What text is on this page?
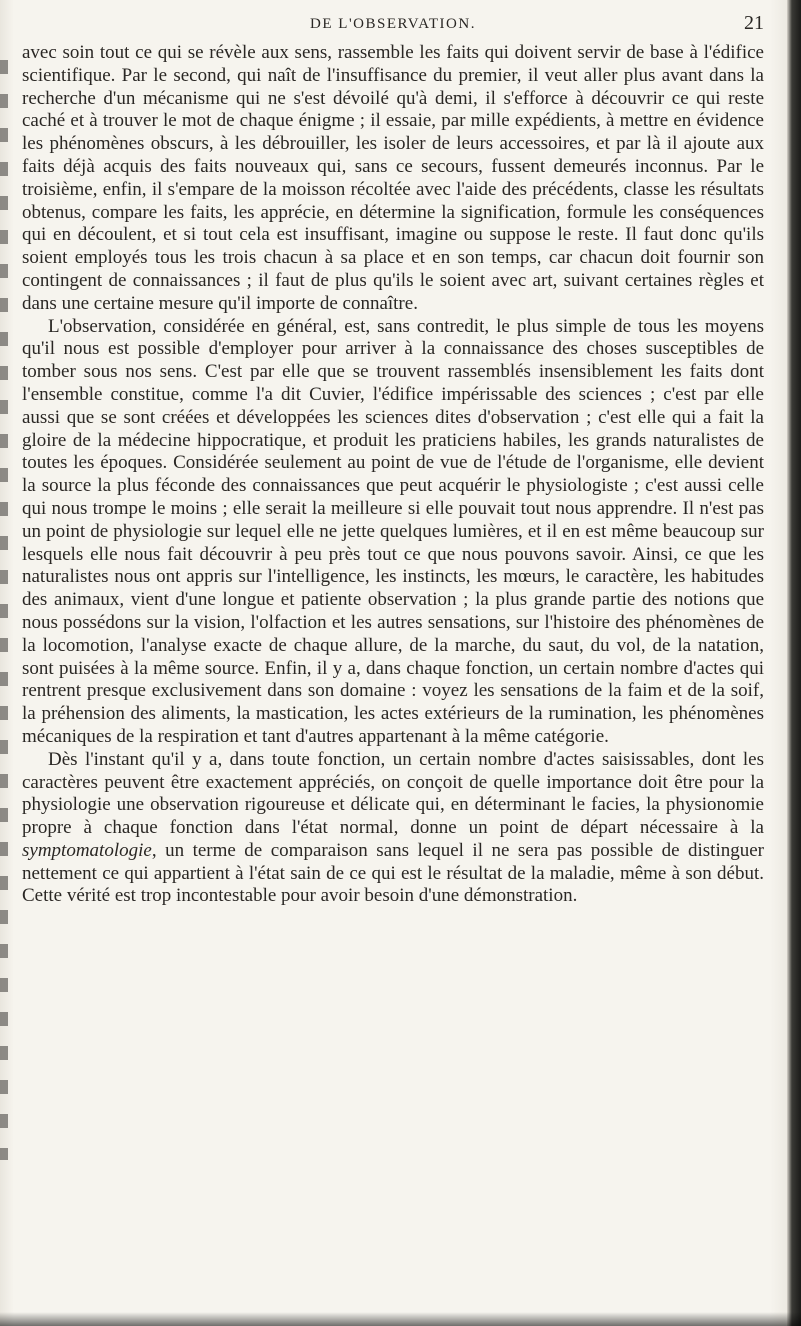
DE L'OBSERVATION.	21

avec soin tout ce qui se révèle aux sens, rassemble les faits qui doivent servir de base à l'édifice scientifique. Par le second, qui naît de l'insuffisance du premier, il veut aller plus avant dans la recherche d'un mécanisme qui ne s'est dévoilé qu'à demi, il s'efforce à découvrir ce qui reste caché et à trouver le mot de chaque énigme ; il essaie, par mille expédients, à mettre en évidence les phénomènes obscurs, à les débrouiller, les isoler de leurs accessoires, et par là il ajoute aux faits déjà acquis des faits nouveaux qui, sans ce secours, fussent demeurés inconnus. Par le troisième, enfin, il s'empare de la moisson récoltée avec l'aide des précédents, classe les résultats obtenus, compare les faits, les apprécie, en détermine la signification, formule les conséquences qui en découlent, et si tout cela est insuffisant, imagine ou suppose le reste. Il faut donc qu'ils soient employés tous les trois chacun à sa place et en son temps, car chacun doit fournir son contingent de connaissances ; il faut de plus qu'ils le soient avec art, suivant certaines règles et dans une certaine mesure qu'il importe de connaître.

L'observation, considérée en général, est, sans contredit, le plus simple de tous les moyens qu'il nous est possible d'employer pour arriver à la connaissance des choses susceptibles de tomber sous nos sens. C'est par elle que se trouvent rassemblés insensiblement les faits dont l'ensemble constitue, comme l'a dit Cuvier, l'édifice impérissable des sciences ; c'est par elle aussi que se sont créées et développées les sciences dites d'observation ; c'est elle qui a fait la gloire de la médecine hippocratique, et produit les praticiens habiles, les grands naturalistes de toutes les époques. Considérée seulement au point de vue de l'étude de l'organisme, elle devient la source la plus féconde des connaissances que peut acquérir le physiologiste ; c'est aussi celle qui nous trompe le moins ; elle serait la meilleure si elle pouvait tout nous apprendre. Il n'est pas un point de physiologie sur lequel elle ne jette quelques lumières, et il en est même beaucoup sur lesquels elle nous fait découvrir à peu près tout ce que nous pouvons savoir. Ainsi, ce que les naturalistes nous ont appris sur l'intelligence, les instincts, les mœurs, le caractère, les habitudes des animaux, vient d'une longue et patiente observation ; la plus grande partie des notions que nous possédons sur la vision, l'olfaction et les autres sensations, sur l'histoire des phénomènes de la locomotion, l'analyse exacte de chaque allure, de la marche, du saut, du vol, de la natation, sont puisées à la même source. Enfin, il y a, dans chaque fonction, un certain nombre d'actes qui rentrent presque exclusivement dans son domaine : voyez les sensations de la faim et de la soif, la préhension des aliments, la mastication, les actes extérieurs de la rumination, les phénomènes mécaniques de la respiration et tant d'autres appartenant à la même catégorie.

Dès l'instant qu'il y a, dans toute fonction, un certain nombre d'actes saisissables, dont les caractères peuvent être exactement appréciés, on conçoit de quelle importance doit être pour la physiologie une observation rigoureuse et délicate qui, en déterminant le facies, la physionomie propre à chaque fonction dans l'état normal, donne un point de départ nécessaire à la symptomatologie, un terme de comparaison sans lequel il ne sera pas possible de distinguer nettement ce qui appartient à l'état sain de ce qui est le résultat de la maladie, même à son début. Cette vérité est trop incontestable pour avoir besoin d'une démonstration.
